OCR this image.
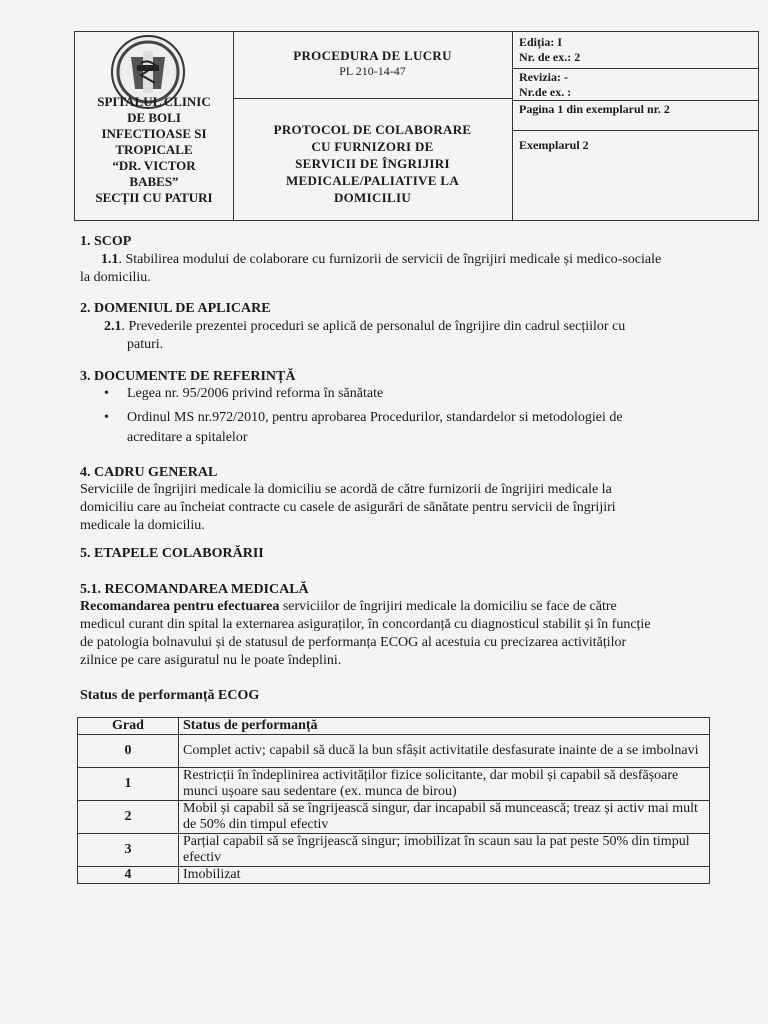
SPITALUL CLINIC
DE BOLI
INFECTIOASE SI
TROPICALE
“DR. VICTOR
BABES”
SECȚII CU PATURI
PROCEDURA DE LUCRU
PL 210-14-47
PROTOCOL DE COLABORARE
CU FURNIZORI DE
SERVICII DE ÎNGRIJIRI
MEDICALE/PALIATIVE LA
DOMICILIU
Ediția: I
Nr. de ex.: 2
Revizia: -
Nr.de ex. :
Pagina 1 din exemplarul nr. 2
Exemplarul 2
1. SCOP
1.1. Stabilirea modului de colaborare cu furnizorii de servicii de îngrijiri medicale și medico-sociale
la domiciliu.
2. DOMENIUL DE APLICARE
2.1. Prevederile prezentei proceduri se aplică de personalul de îngrijire din cadrul secțiilor cu
paturi.
3. DOCUMENTE DE REFERINȚĂ
• Legea nr. 95/2006 privind reforma în sănătate
• Ordinul MS nr.972/2010, pentru aprobarea Procedurilor, standardelor si metodologiei de
acreditare a spitalelor
4. CADRU GENERAL
Serviciile de îngrijiri medicale la domiciliu se acordă de către furnizorii de îngrijiri medicale la
domiciliu care au încheiat contracte cu casele de asigurări de sănătate pentru servicii de îngrijiri
medicale la domiciliu.
5. ETAPELE COLABORĂRII
5.1. RECOMANDAREA MEDICALĂ
Recomandarea pentru efectuarea serviciilor de îngrijiri medicale la domiciliu se face de către
medicul curant din spital la externarea asiguraților, în concordanță cu diagnosticul stabilit și în funcție
de patologia bolnavului și de statusul de performanța ECOG al acestuia cu precizarea activităților
zilnice pe care asiguratul nu le poate îndeplini.
Status de performanță ECOG
Grad	Status de performanță
0	Complet activ; capabil să ducă la bun sfâșit activitatile desfasurate inainte de a se imbolnavi
1	Restricții în îndeplinirea activităților fizice solicitante, dar mobil și capabil să desfășoare munci ușoare sau sedentare (ex. munca de birou)
2	Mobil și capabil să se îngrijească singur, dar incapabil să muncească; treaz și activ mai mult de 50% din timpul efectiv
3	Parțial capabil să se îngrijească singur; imobilizat în scaun sau la pat peste 50% din timpul efectiv
4	Imobilizat
